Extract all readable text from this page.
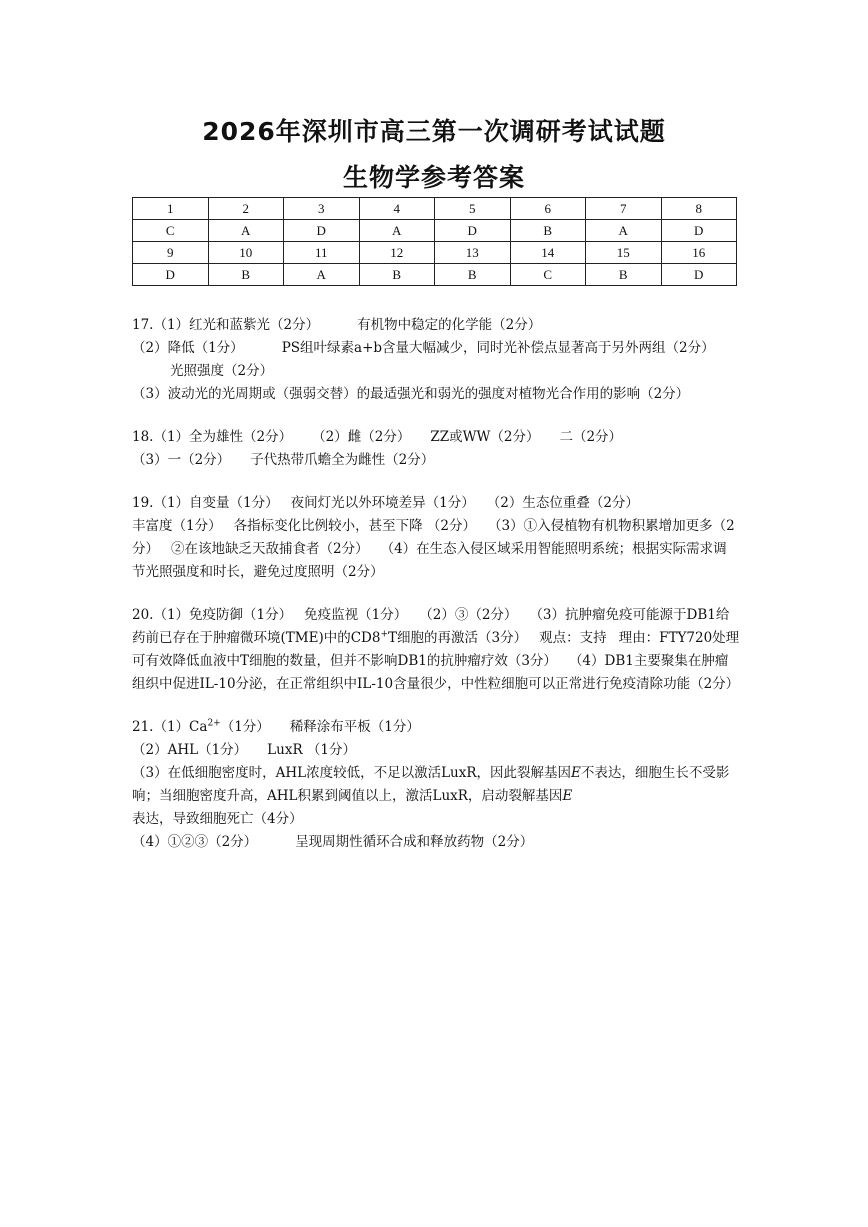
2026年深圳市高三第一次调研考试试题
生物学参考答案
1	2	3	4	5	6	7	8
C	A	D	A	D	B	A	D
9	10	11	12	13	14	15	16
D	B	A	B	B	C	B	D

17.（1）红光和蓝紫光（2分）	有机物中稳定的化学能（2分）

（2）降低（1分）	PS组叶绿素a+b含量大幅减少，同时光补偿点显著高于另外两组（2分）光照强度（2分）

（3）波动光的光周期或（强弱交替）的最适强光和弱光的强度对植物光合作用的影响（2分）

18.（1）全为雄性（2分） （2）雌（2分） ZZ或WW（2分） 二（2分）（3）一（2分） 子代热带爪蟾全为雌性（2分）

19.（1）自变量（1分） 夜间灯光以外环境差异（1分） （2）生态位重叠（2分）丰富度（1分） 各指标变化比例较小，甚至下降 （2分） （3）①入侵植物有机物积累增加更多（2分） ②在该地缺乏天敌捕食者（2分） （4）在生态入侵区域采用智能照明系统；根据实际需求调节光照强度和时长，避免过度照明（2分）

20.（1）免疫防御（1分） 免疫监视（1分） （2）③（2分） （3）抗肿瘤免疫可能源于DB1给药前已存在于肿瘤微环境(TME)中的CD8+T细胞的再激活（3分） 观点：支持 理由：FTY720处理可有效降低血液中T细胞的数量，但并不影响DB1的抗肿瘤疗效（3分） （4）DB1主要聚集在肿瘤组织中促进IL-10分泌，在正常组织中IL-10含量很少，中性粒细胞可以正常进行免疫清除功能（2分）

$21.(1)Ca^{2+}(1$分） 稀释涂布平板（1分）

（2）AHL（1分） LuxR （1分）

（3）在低细胞密度时，AHL浓度较低，不足以激活LuxR，因此裂解基因E不表达，细胞生长不受影响；当细胞密度升高，AHL积累到阈值以上，激活LuxR，启动裂解基因E表达，导致细胞死亡（4分）

（4）①②③（2分）	呈现周期性循环合成和释放药物（2分）
